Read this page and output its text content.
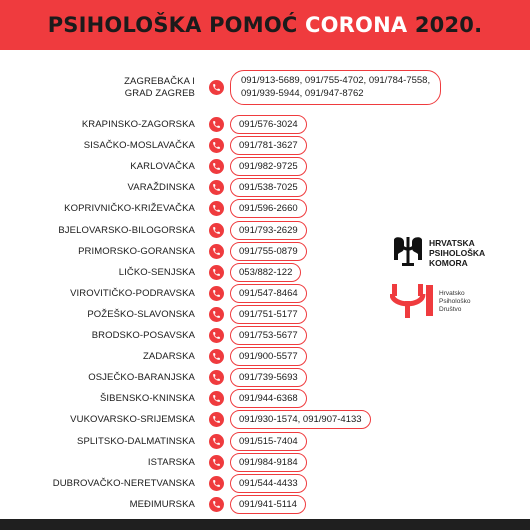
PSIHOLOŠKA POMOĆ CORONA 2020.
ZAGREBAČKA I
GRAD ZAGREB
091/913-5689, 091/755-4702, 091/784-7558,
091/939-5944, 091/947-8762
KRAPINSKO-ZAGORSKA	091/576-3024
SISAČKO-MOSLAVAČKA	091/781-3627
KARLOVAČKA	091/982-9725
VARAŽDINSKA	091/538-7025
KOPRIVNIČKO-KRIŽEVAČKA	091/596-2660
BJELOVARSKO-BILOGORSKA	091/793-2629
PRIMORSKO-GORANSKA	091/755-0879
LIČKO-SENJSKA	053/882-122
VIROVITIČKO-PODRAVSKA	091/547-8464
POŽEŠKO-SLAVONSKA	091/751-5177
BRODSKO-POSAVSKA	091/753-5677
ZADARSKA	091/900-5577
OSJEČKO-BARANJSKA	091/739-5693
ŠIBENSKO-KNINSKA	091/944-6368
VUKOVARSKO-SRIJEMSKA	091/930-1574, 091/907-4133
SPLITSKO-DALMATINSKA	091/515-7404
ISTARSKA	091/984-9184
DUBROVAČKO-NERETVANSKA	091/544-4433
MEĐIMURSKA	091/941-5114
HRVATSKA
PSIHOLOŠKA
KOMORA
Hrvatsko
Psihološko
Društvo
